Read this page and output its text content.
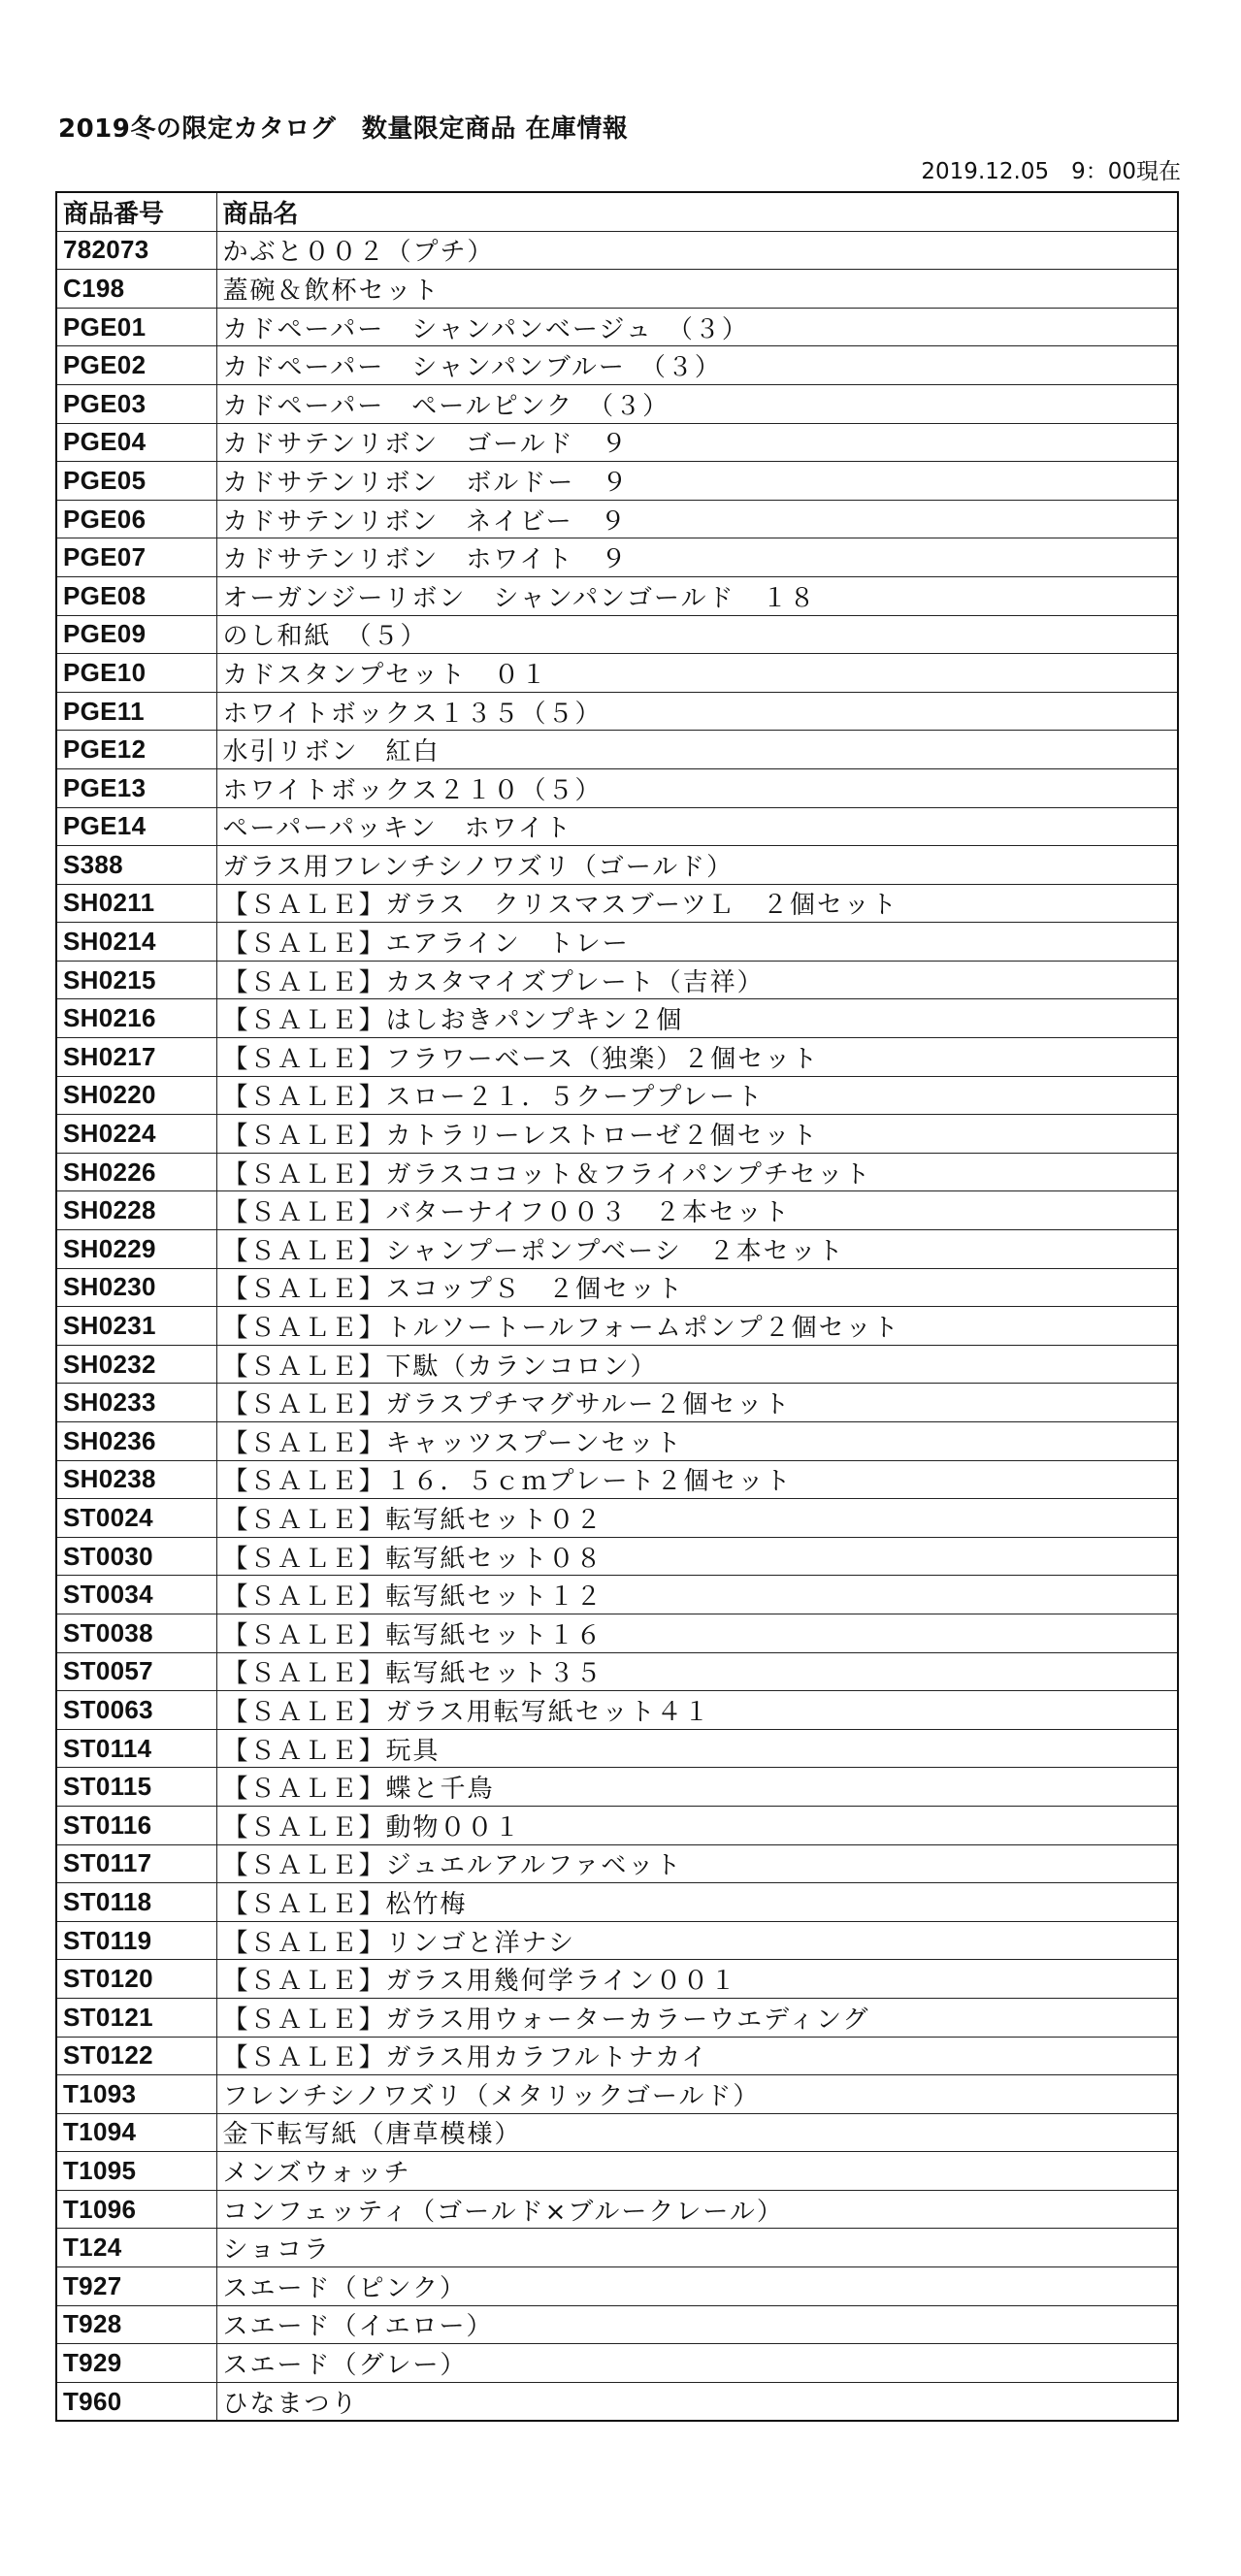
2019冬の限定カタログ　数量限定商品 在庫情報
2019.12.05　9：00現在
商品番号	商品名
782073	かぶと００２（プチ）
C198	蓋碗＆飲杯セット
PGE01	カドペーパー　シャンパンベージュ　（３）
PGE02	カドペーパー　シャンパンブルー　（３）
PGE03	カドペーパー　ペールピンク　（３）
PGE04	カドサテンリボン　ゴールド　９
PGE05	カドサテンリボン　ボルドー　９
PGE06	カドサテンリボン　ネイビー　９
PGE07	カドサテンリボン　ホワイト　９
PGE08	オーガンジーリボン　シャンパンゴールド　１８
PGE09	のし和紙　（５）
PGE10	カドスタンプセット　０１
PGE11	ホワイトボックス１３５（５）
PGE12	水引リボン　紅白
PGE13	ホワイトボックス２１０（５）
PGE14	ペーパーパッキン　ホワイト
S388	ガラス用フレンチシノワズリ（ゴールド）
SH0211	【ＳＡＬＥ】ガラス　クリスマスブーツＬ　２個セット
SH0214	【ＳＡＬＥ】エアライン　トレー
SH0215	【ＳＡＬＥ】カスタマイズプレート（吉祥）
SH0216	【ＳＡＬＥ】はしおきパンプキン２個
SH0217	【ＳＡＬＥ】フラワーベース（独楽）２個セット
SH0220	【ＳＡＬＥ】スロー２１．５クーププレート
SH0224	【ＳＡＬＥ】カトラリーレストローゼ２個セット
SH0226	【ＳＡＬＥ】ガラスココット＆フライパンプチセット
SH0228	【ＳＡＬＥ】バターナイフ００３　２本セット
SH0229	【ＳＡＬＥ】シャンプーポンプベーシ　２本セット
SH0230	【ＳＡＬＥ】スコップＳ　２個セット
SH0231	【ＳＡＬＥ】トルソートールフォームポンプ２個セット
SH0232	【ＳＡＬＥ】下駄（カランコロン）
SH0233	【ＳＡＬＥ】ガラスプチマグサルー２個セット
SH0236	【ＳＡＬＥ】キャッツスプーンセット
SH0238	【ＳＡＬＥ】１６．５ｃｍプレート２個セット
ST0024	【ＳＡＬＥ】転写紙セット０２
ST0030	【ＳＡＬＥ】転写紙セット０８
ST0034	【ＳＡＬＥ】転写紙セット１２
ST0038	【ＳＡＬＥ】転写紙セット１６
ST0057	【ＳＡＬＥ】転写紙セット３５
ST0063	【ＳＡＬＥ】ガラス用転写紙セット４１
ST0114	【ＳＡＬＥ】玩具
ST0115	【ＳＡＬＥ】蝶と千鳥
ST0116	【ＳＡＬＥ】動物００１
ST0117	【ＳＡＬＥ】ジュエルアルファベット
ST0118	【ＳＡＬＥ】松竹梅
ST0119	【ＳＡＬＥ】リンゴと洋ナシ
ST0120	【ＳＡＬＥ】ガラス用幾何学ライン００１
ST0121	【ＳＡＬＥ】ガラス用ウォーターカラーウエディング
ST0122	【ＳＡＬＥ】ガラス用カラフルトナカイ
T1093	フレンチシノワズリ（メタリックゴールド）
T1094	金下転写紙（唐草模様）
T1095	メンズウォッチ
T1096	コンフェッティ（ゴールド×ブルークレール）
T124	ショコラ
T927	スエード（ピンク）
T928	スエード（イエロー）
T929	スエード（グレー）
T960	ひなまつり
